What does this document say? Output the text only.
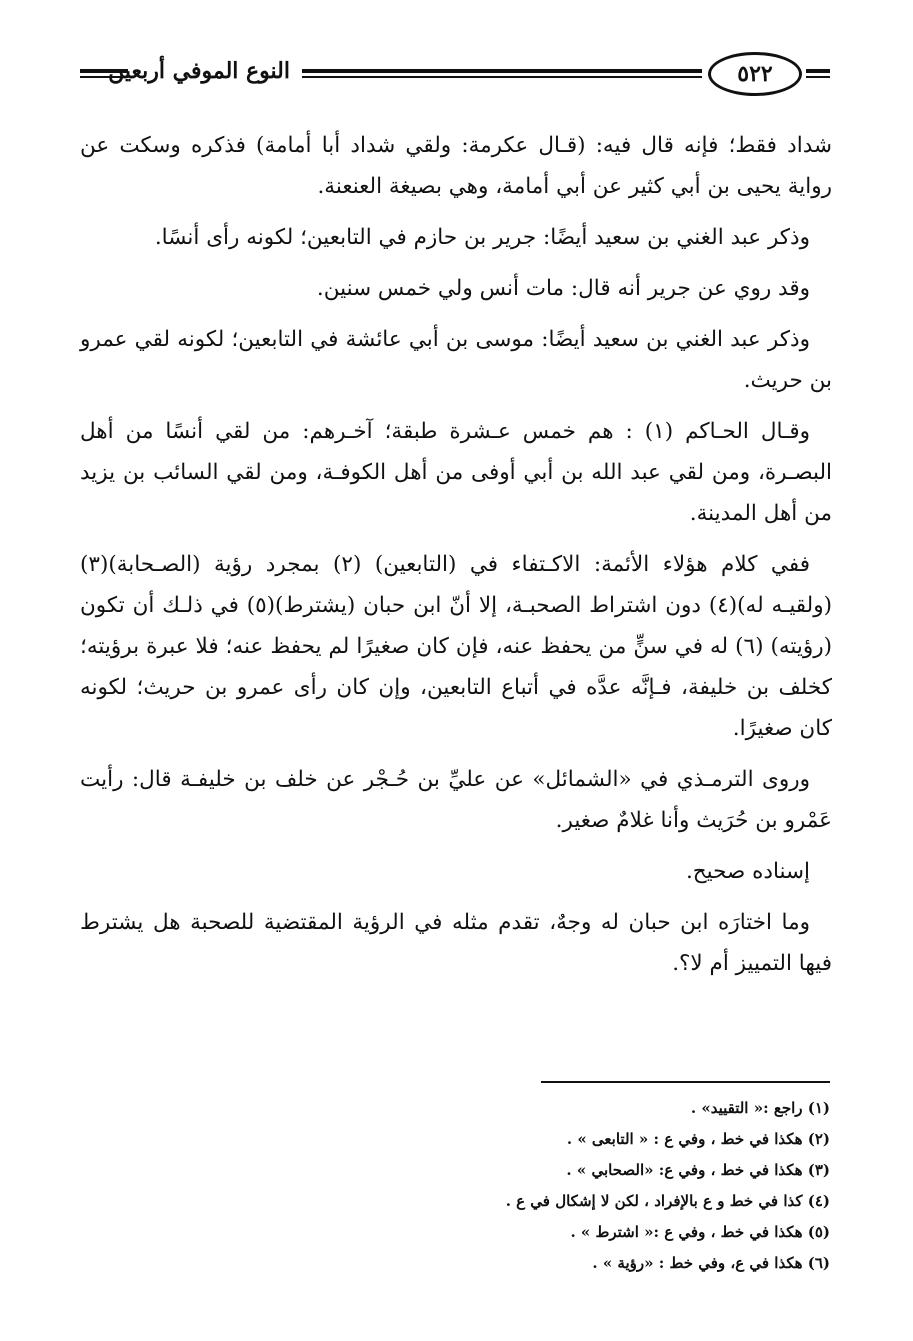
النوع الموفي أربعين	٥٢٢

شداد فقط؛ فإنه قال فيه: (قـال عكرمة: ولقي شداد أبا أمامة) فذكره وسكت عن رواية يحيى بن أبي كثير عن أبي أمامة، وهي بصيغة العنعنة.

وذكر عبد الغني بن سعيد أيضًا: جرير بن حازم في التابعين؛ لكونه رأى أنسًا.

وقد روي عن جرير أنه قال: مات أنس ولي خمس سنين.

وذكر عبد الغني بن سعيد أيضًا: موسى بن أبي عائشة في التابعين؛ لكونه لقي عمرو بن حريث.

وقـال الحـاكم (١) : هم خمس عـشرة طبقة؛ آخـرهم: من لقي أنسًا من أهل البصـرة، ومن لقي عبد الله بن أبي أوفى من أهل الكوفـة، ومن لقي السائب بن يزيد من أهل المدينة.

ففي كلام هؤلاء الأئمة: الاكـتفاء في (التابعين) (٢) بمجرد رؤية (الصـحابة)(٣) (ولقيـه له)(٤) دون اشتراط الصحبـة، إلا أنّ ابن حبان (يشترط)(٥) في ذلـك أن تكون (رؤيته) (٦) له في سنٍّ من يحفظ عنه، فإن كان صغيرًا لم يحفظ عنه؛ فلا عبرة برؤيته؛ كخلف بن خليفة، فـإنَّه عدَّه في أتباع التابعين، وإن كان رأى عمرو بن حريث؛ لكونه كان صغيرًا.

وروى الترمـذي في «الشمائل» عن عليِّ بن حُـجْر عن خلف بن خليفـة قال: رأيت عَمْرو بن حُرَيث وأنا غلامٌ صغير.

إسناده صحيح.

وما اختارَه ابن حبان له وجهٌ، تقدم مثله في الرؤية المقتضية للصحبة هل يشترط فيها التمييز أم لا؟.

(١) راجع :« التقييد» .
(٢) هكذا في خط ، وفي ع : « التابعى » .
(٣) هكذا في خط ، وفي ع: «الصحابي » .
(٤) كذا في خط و ع بالإفراد ، لكن لا إشكال في ع .
(٥) هكذا في خط ، وفي ع :« اشترط » .
(٦) هكذا في ع، وفي خط : «رؤية » .
